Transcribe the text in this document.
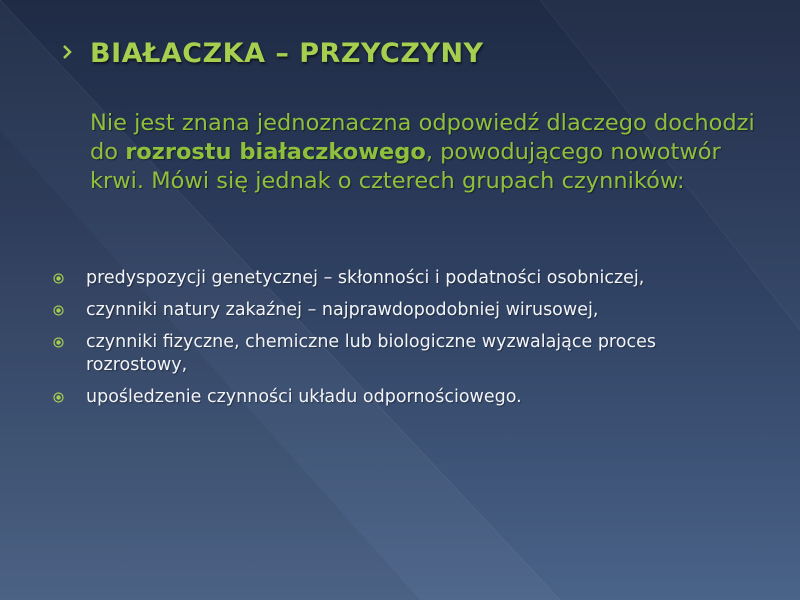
BIAŁACZKA – PRZYCZYNY

Nie jest znana jednoznaczna odpowiedź dlaczego dochodzi do rozrostu białaczkowego, powodującego nowotwór krwi. Mówi się jednak o czterech grupach czynników:

predyspozycji genetycznej – skłonności i podatności osobniczej,
czynniki natury zakaźnej – najprawdopodobniej wirusowej,
czynniki fizyczne, chemiczne lub biologiczne wyzwalające proces rozrostowy,
upośledzenie czynności układu odpornościowego.
